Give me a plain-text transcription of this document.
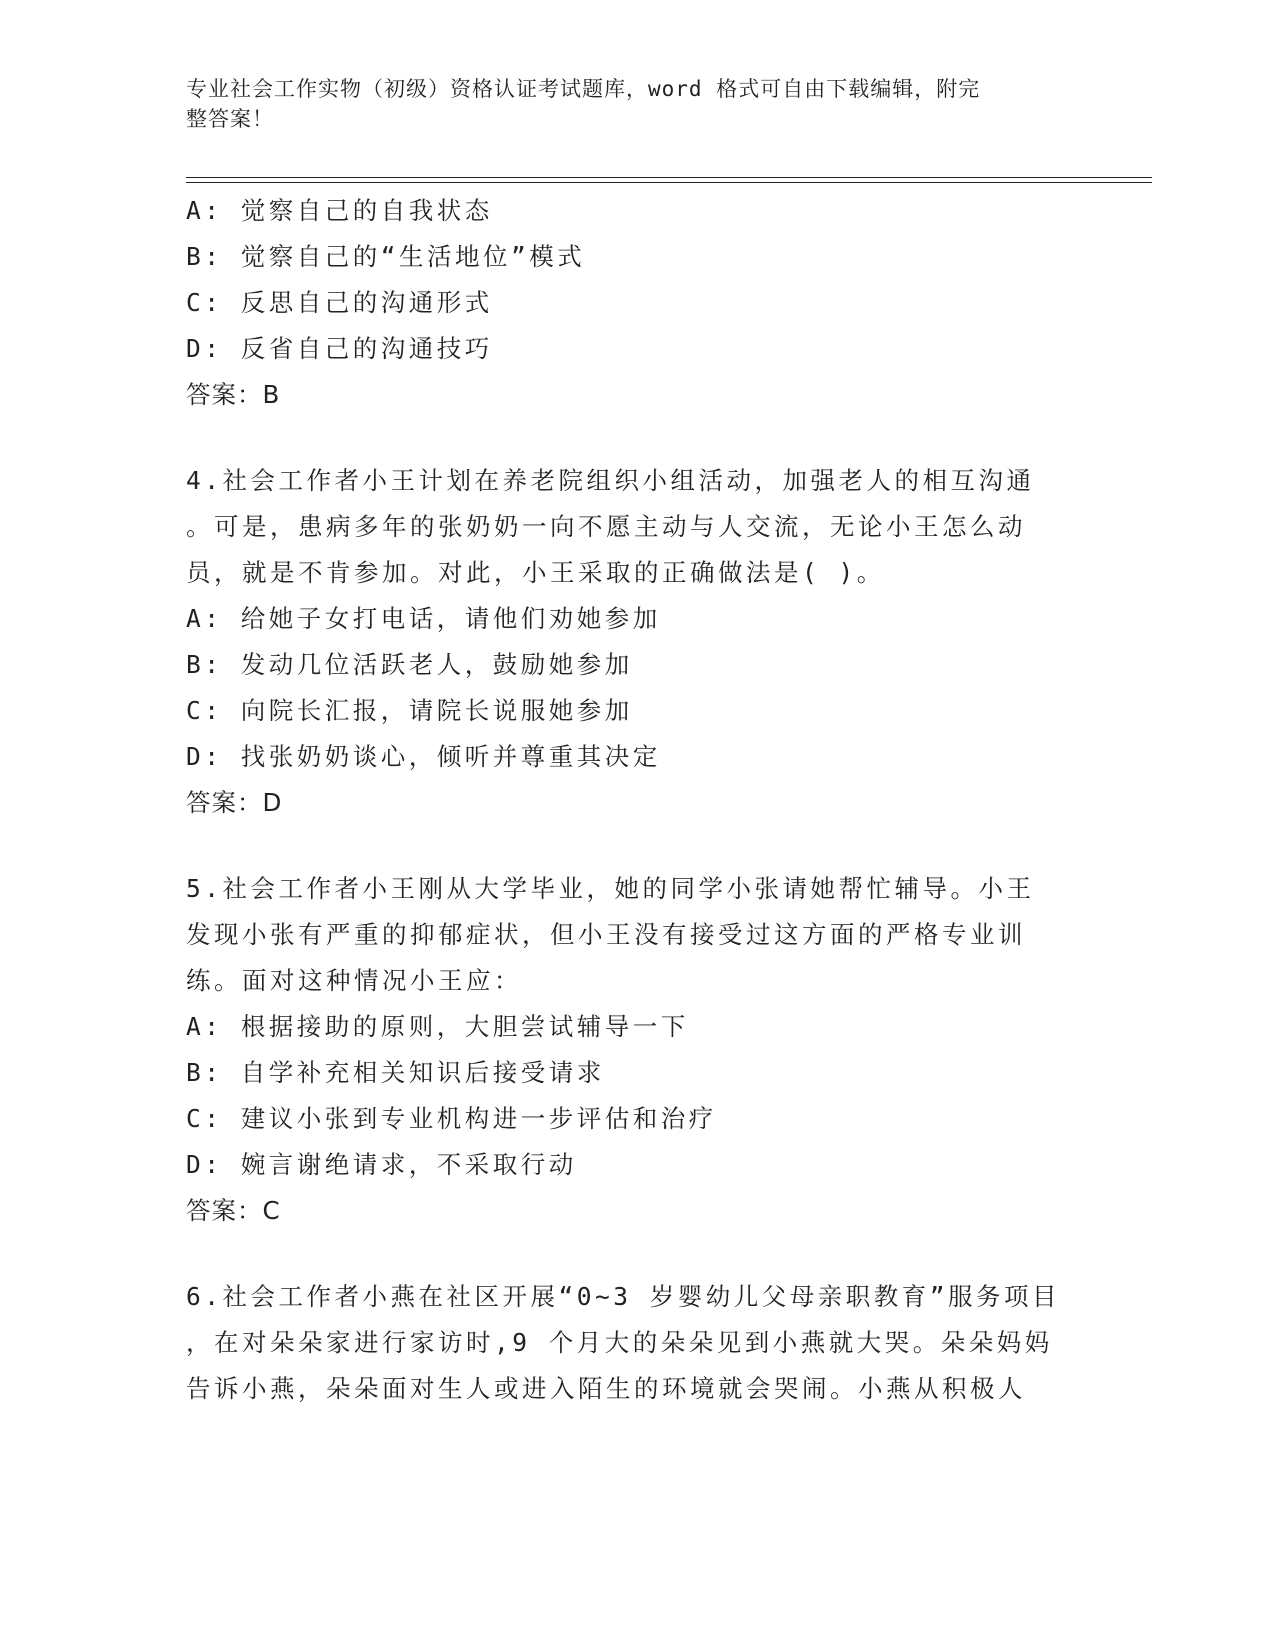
专业社会工作实物（初级）资格认证考试题库，word 格式可自由下载编辑，附完
整答案！
A: 觉察自己的自我状态
B: 觉察自己的“生活地位”模式
C: 反思自己的沟通形式
D: 反省自己的沟通技巧
答案：B
4.社会工作者小王计划在养老院组织小组活动，加强老人的相互沟通
。可是，患病多年的张奶奶一向不愿主动与人交流，无论小王怎么动
员，就是不肯参加。对此，小王采取的正确做法是( )。
A: 给她子女打电话，请他们劝她参加
B: 发动几位活跃老人，鼓励她参加
C: 向院长汇报，请院长说服她参加
D: 找张奶奶谈心，倾听并尊重其决定
答案：D
5.社会工作者小王刚从大学毕业，她的同学小张请她帮忙辅导。小王
发现小张有严重的抑郁症状，但小王没有接受过这方面的严格专业训
练。面对这种情况小王应：
A: 根据接助的原则，大胆尝试辅导一下
B: 自学补充相关知识后接受请求
C: 建议小张到专业机构进一步评估和治疗
D: 婉言谢绝请求，不采取行动
答案：C
6.社会工作者小燕在社区开展“0~3 岁婴幼儿父母亲职教育”服务项目
，在对朵朵家进行家访时,9 个月大的朵朵见到小燕就大哭。朵朵妈妈
告诉小燕，朵朵面对生人或进入陌生的环境就会哭闹。小燕从积极人
